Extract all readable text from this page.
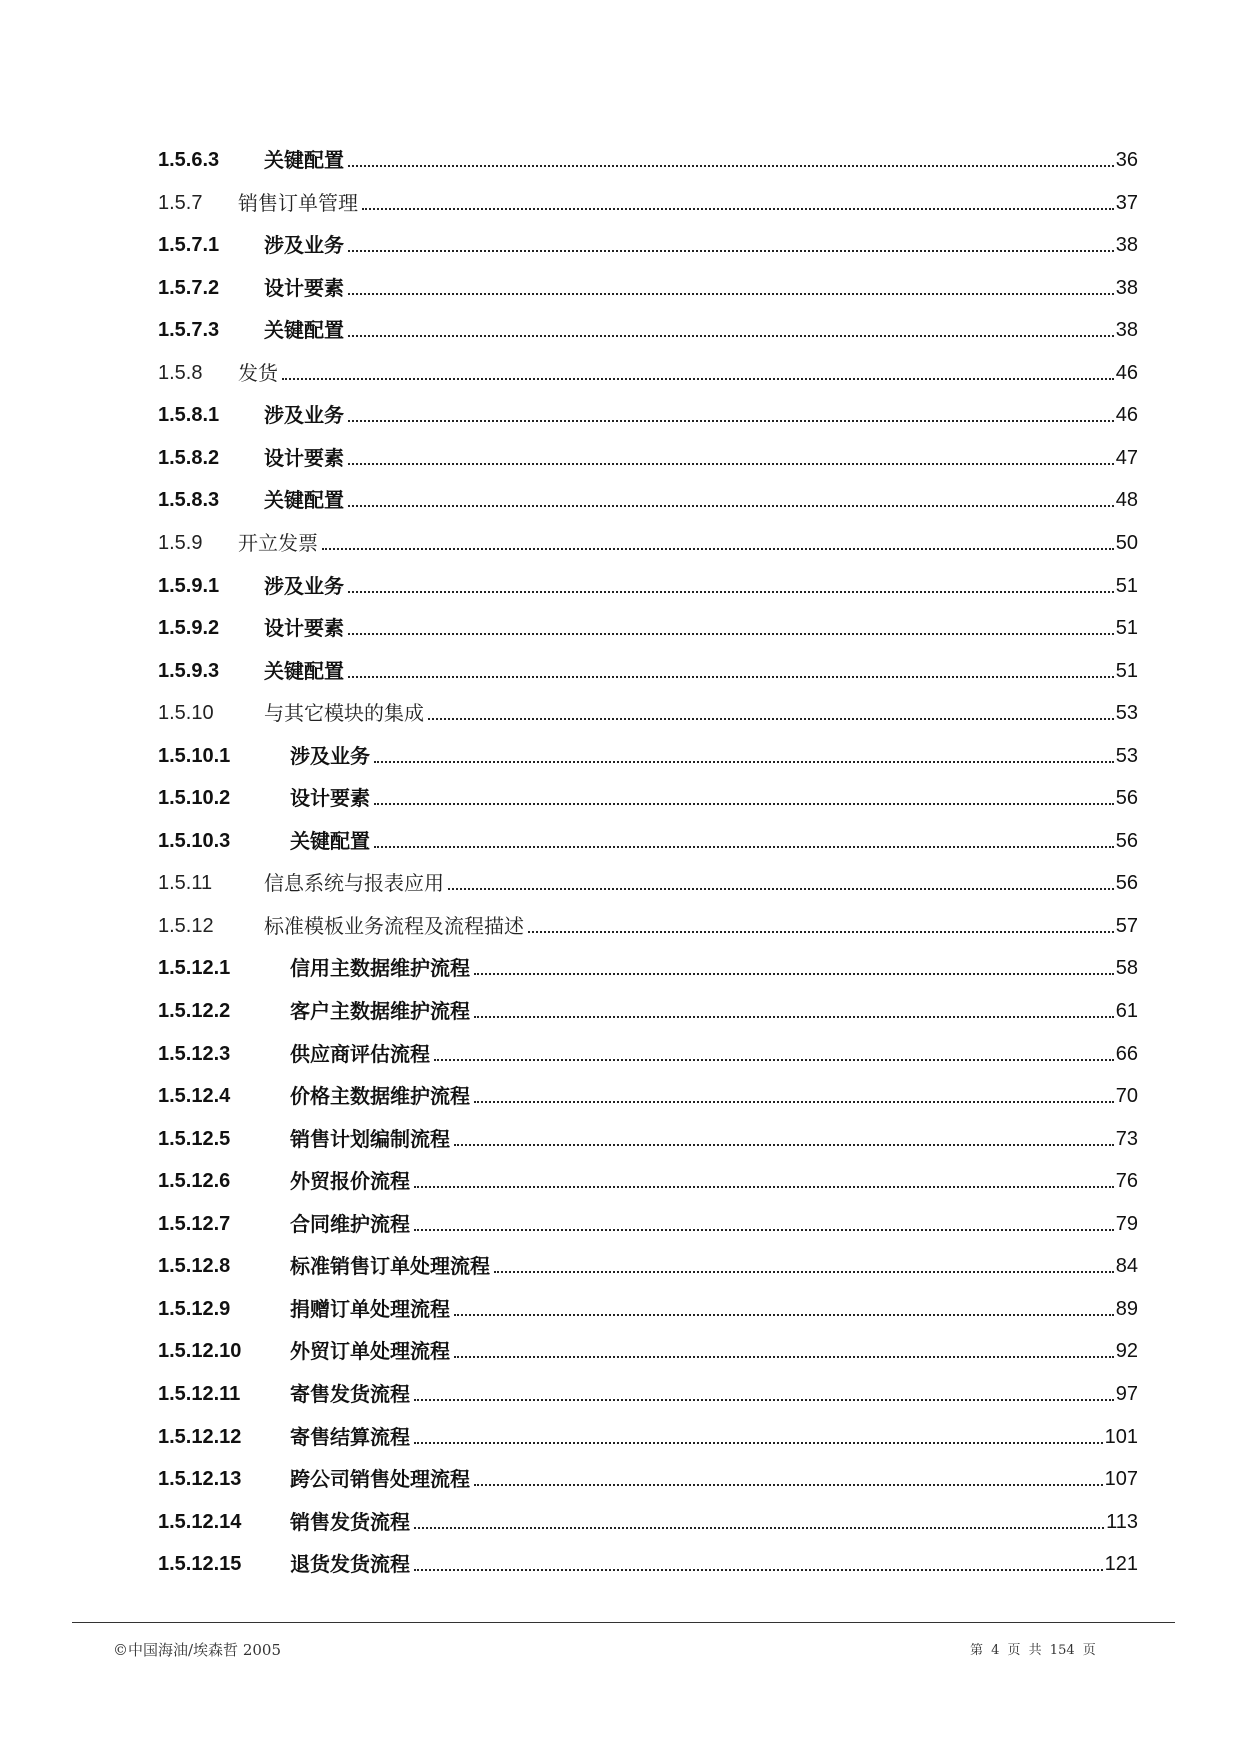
1.5.6.3	关键配置	36
1.5.7	销售订单管理	37
1.5.7.1	涉及业务	38
1.5.7.2	设计要素	38
1.5.7.3	关键配置	38
1.5.8	发货	46
1.5.8.1	涉及业务	46
1.5.8.2	设计要素	47
1.5.8.3	关键配置	48
1.5.9	开立发票	50
1.5.9.1	涉及业务	51
1.5.9.2	设计要素	51
1.5.9.3	关键配置	51
1.5.10	与其它模块的集成	53
1.5.10.1	涉及业务	53
1.5.10.2	设计要素	56
1.5.10.3	关键配置	56
1.5.11	信息系统与报表应用	56
1.5.12	标准模板业务流程及流程描述	57
1.5.12.1	信用主数据维护流程	58
1.5.12.2	客户主数据维护流程	61
1.5.12.3	供应商评估流程	66
1.5.12.4	价格主数据维护流程	70
1.5.12.5	销售计划编制流程	73
1.5.12.6	外贸报价流程	76
1.5.12.7	合同维护流程	79
1.5.12.8	标准销售订单处理流程	84
1.5.12.9	捐赠订单处理流程	89
1.5.12.10	外贸订单处理流程	92
1.5.12.11	寄售发货流程	97
1.5.12.12	寄售结算流程	101
1.5.12.13	跨公司销售处理流程	107
1.5.12.14	销售发货流程	113
1.5.12.15	退货发货流程	121
©中国海油/埃森哲 2005	第 4 页 共 154 页
